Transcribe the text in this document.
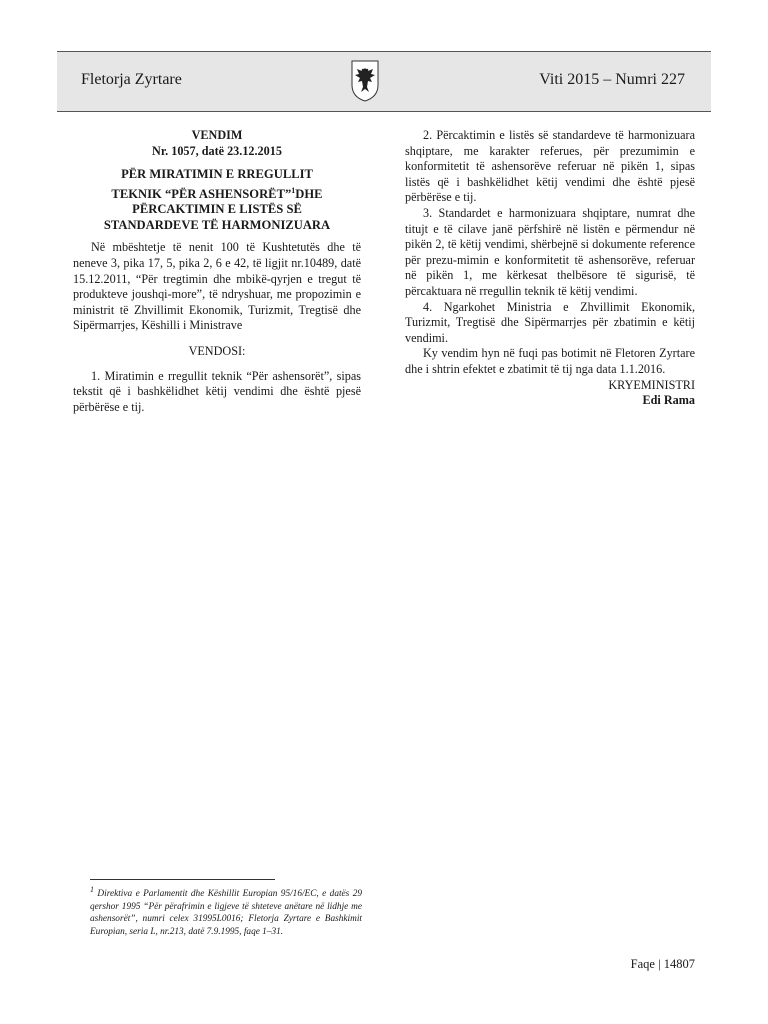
Fletorja Zyrtare	Viti 2015 – Numri 227
VENDIM
Nr. 1057, datë 23.12.2015
PËR MIRATIMIN E RREGULLIT
TEKNIK “PËR ASHENSORËT”$^1$DHE
PËRCAKTIMIN E LISTËS SË
STANDARDEVE TË HARMONIZUARA

Në mbështetje të nenit 100 të Kushtetutës dhe të neneve 3, pika 17, 5, pika 2, 6 e 42, të ligjit nr.10489, datë 15.12.2011, “Për tregtimin dhe mbikë-qyrjen e tregut të produkteve joushqi-more”, të ndryshuar, me propozimin e ministrit të Zhvillimit Ekonomik, Turizmit, Tregtisë dhe Sipërmarrjes, Këshilli i Ministrave

VENDOSI:

1. Miratimin e rregullit teknik “Për ashensorët”, sipas tekstit që i bashkëlidhet këtij vendimi dhe është pjesë përbërëse e tij.

2. Përcaktimin e listës së standardeve të harmonizuara shqiptare, me karakter referues, për prezumimin e konformitetit të ashensorëve referuar në pikën 1, sipas listës që i bashkëlidhet këtij vendimi dhe është pjesë përbërëse e tij.

3. Standardet e harmonizuara shqiptare, numrat dhe titujt e të cilave janë përfshirë në listën e përmendur në pikën 2, të këtij vendimi, shërbejnë si dokumente reference për prezu-mimin e konformitetit të ashensorëve, referuar në pikën 1, me kërkesat thelbësore të sigurisë, të përcaktuara në rregullin teknik të këtij vendimi.

4. Ngarkohet Ministria e Zhvillimit Ekonomik, Turizmit, Tregtisë dhe Sipërmarrjes për zbatimin e këtij vendimi.

Ky vendim hyn në fuqi pas botimit në Fletoren Zyrtare dhe i shtrin efektet e zbatimit të tij nga data 1.1.2016.

KRYEMINISTRI
Edi Rama
$^1$ Direktiva e Parlamentit dhe Këshillit Europian 95/16/EC, e datës 29 qershor 1995 “Për përafrimin e ligjeve të shteteve anëtare në lidhje me ashensorët”, numri celex 31995L0016; Fletorja Zyrtare e Bashkimit Europian, seria L, nr.213, datë 7.9.1995, faqe 1–31.
Faqe | 14807
